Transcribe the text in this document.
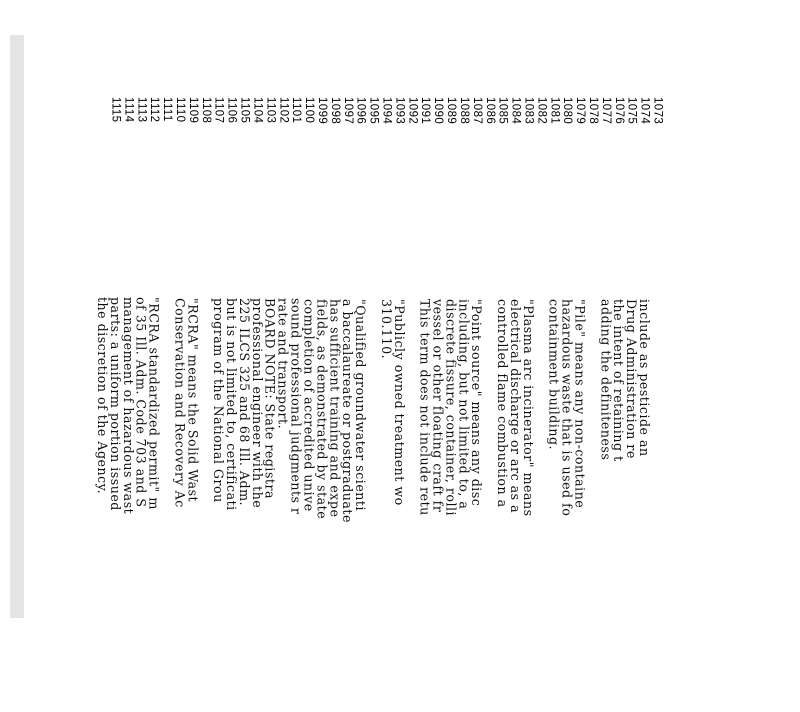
1073
include as pesticide an
1074
Drug Administration re
1075
the intent of retaining t
1076
adding the definiteness
1077
1078
"Pile" means any non-containe
1079
hazardous waste that is used fo
1080
containment building.
1081
1082
"Plasma arc incinerator" means
1083
electrical discharge or arc as a
1084
controlled flame combustion a
1085
1086
"Point source" means any disc
1087
including, but not limited to, a
1088
discrete fissure, container, rolli
1089
vessel or other floating craft fr
1090
This term does not include retu
1091
1092
"Publicly owned treatment wo
1093
310.110.
1094
1095
"Qualified groundwater scienti
1096
a baccalaureate or postgraduate
1097
has sufficient training and expe
1098
fields, as demonstrated by state
1099
completion of accredited unive
1100
sound professional judgments r
1101
rate and transport.
1102
BOARD NOTE: State registra
1103
professional engineer with the
1104
225 ILCS 325 and 68 Ill. Adm.
1105
but is not limited to, certificati
1106
program of the National Grou
1107
1108
"RCRA" means the Solid Wast
1109
Conservation and Recovery Ac
1110
1111
"RCRA standardized permit" m
1112
of 35 Ill. Adm. Code 703 and S
1113
management of hazardous wast
1114
parts: a uniform portion issued
1115
the discretion of the Agency.
